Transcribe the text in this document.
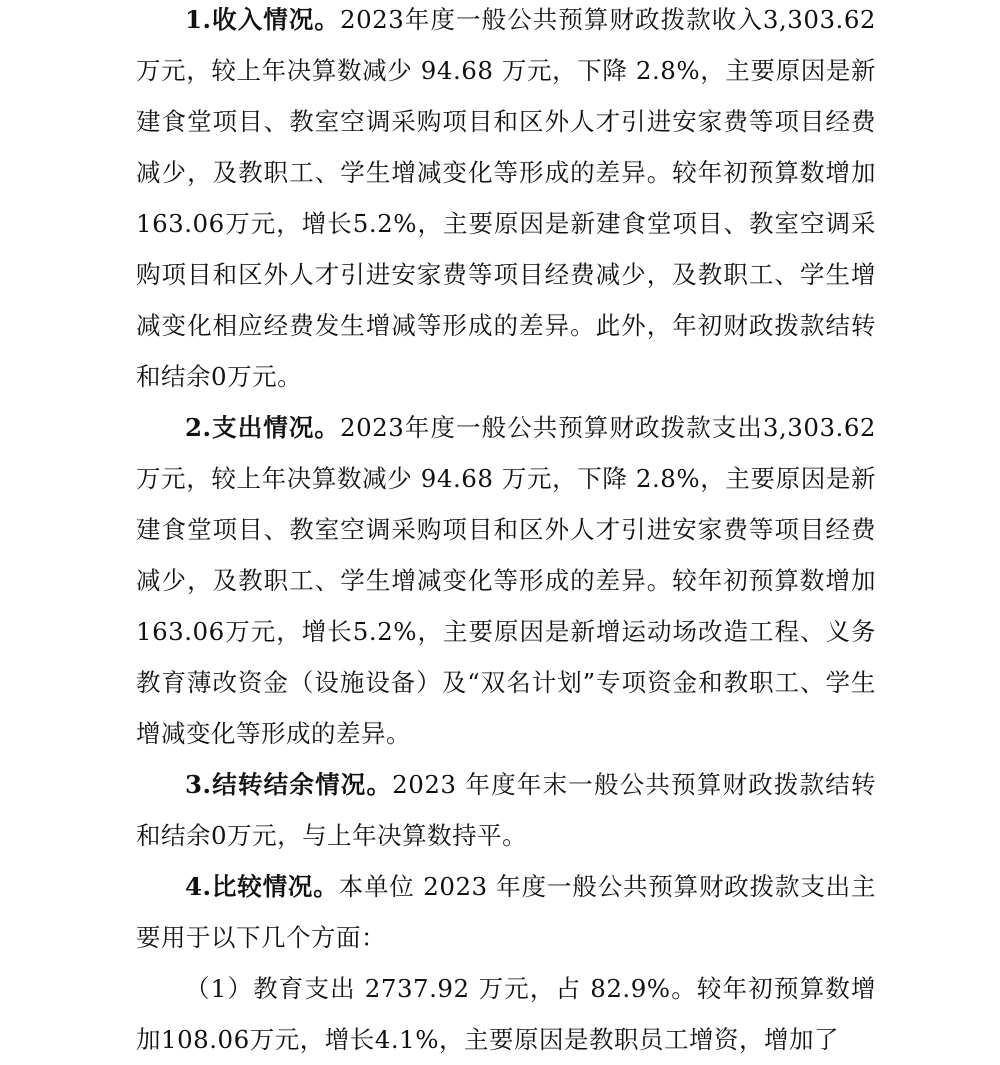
1.收入情况。2023年度一般公共预算财政拨款收入3,303.62万元，较上年决算数减少 94.68 万元，下降 2.8%，主要原因是新建食堂项目、教室空调采购项目和区外人才引进安家费等项目经费减少，及教职工、学生增减变化等形成的差异。较年初预算数增加163.06万元，增长5.2%，主要原因是新建食堂项目、教室空调采购项目和区外人才引进安家费等项目经费减少，及教职工、学生增减变化相应经费发生增减等形成的差异。此外，年初财政拨款结转和结余0万元。

2.支出情况。2023年度一般公共预算财政拨款支出3,303.62万元，较上年决算数减少 94.68 万元，下降 2.8%，主要原因是新建食堂项目、教室空调采购项目和区外人才引进安家费等项目经费减少，及教职工、学生增减变化等形成的差异。较年初预算数增加163.06万元，增长5.2%，主要原因是新增运动场改造工程、义务教育薄改资金（设施设备）及“双名计划”专项资金和教职工、学生增减变化等形成的差异。

3.结转结余情况。2023 年度年末一般公共预算财政拨款结转和结余0万元，与上年决算数持平。

4.比较情况。本单位 2023 年度一般公共预算财政拨款支出主要用于以下几个方面：

（1）教育支出 2737.92 万元，占 82.9%。较年初预算数增加108.06万元，增长4.1%，主要原因是教职员工增资，增加了
